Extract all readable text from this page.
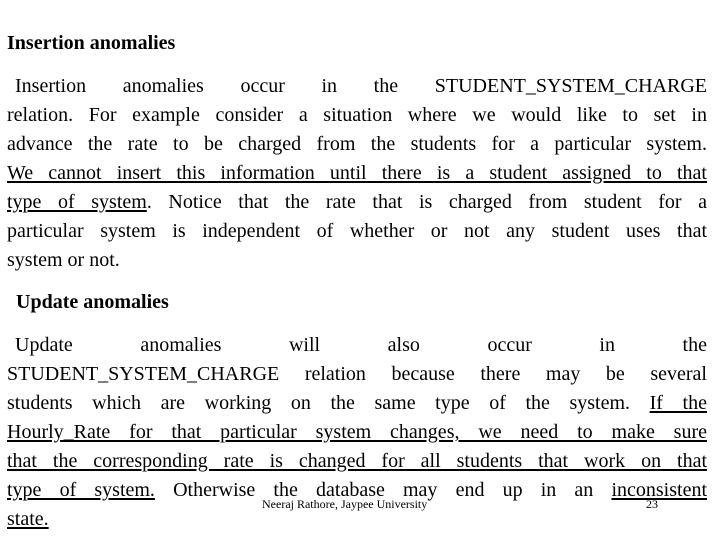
Insertion anomalies
Insertion anomalies occur in the STUDENT_SYSTEM_CHARGE
relation. For example consider a situation where we would like to set in
advance the rate to be charged from the students for a particular system.
We cannot insert this information until there is a student assigned to that
type of system. Notice that the rate that is charged from student for a
particular system is independent of whether or not any student uses that
system or not.
Update anomalies
Update anomalies will also occur in the
STUDENT_SYSTEM_CHARGE relation because there may be several
students which are working on the same type of the system. If the
Hourly_Rate for that particular system changes, we need to make sure
that the corresponding rate is changed for all students that work on that
type of system. Otherwise the database may end up in an inconsistent
state.
Neeraj Rathore, Jaypee University	23
